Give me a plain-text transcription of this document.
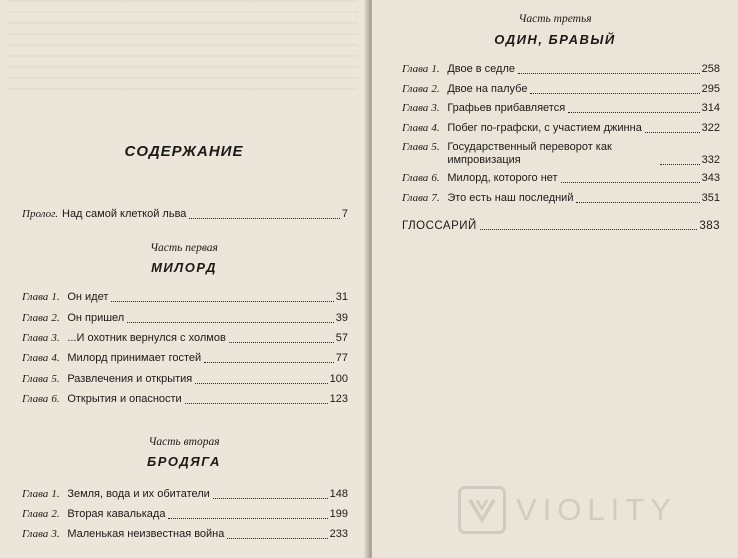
СОДЕРЖАНИЕ
Пролог. Над самой клеткой льва	7
Часть первая
МИЛОРД
Глава 1. Он идет	31
Глава 2. Он пришел	39
Глава 3. ...И охотник вернулся с холмов	57
Глава 4. Милорд принимает гостей	77
Глава 5. Развлечения и открытия	100
Глава 6. Открытия и опасности	123
Часть вторая
БРОДЯГА
Глава 1. Земля, вода и их обитатели	148
Глава 2. Вторая кавалькада	199
Глава 3. Маленькая неизвестная война	233
Часть третья
ОДИН, БРАВЫЙ
Глава 1. Двое в седле	258
Глава 2. Двое на палубе	295
Глава 3. Графьев прибавляется	314
Глава 4. Побег по-графски, с участием джинна	322
Глава 5. Государственный переворот как импровизация	332
Глава 6. Милорд, которого нет	343
Глава 7. Это есть наш последний	351
ГЛОССАРИЙ	383
VIOLITY
